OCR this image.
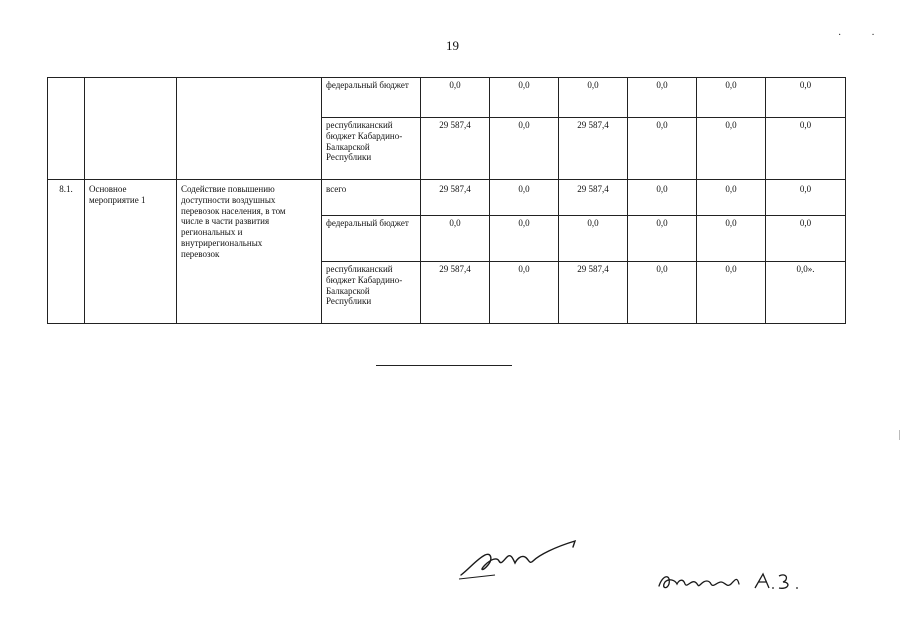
19
··
			федеральный бюджет	0,0	0,0	0,0	0,0	0,0	0,0
			республиканский бюджет Кабардино-Балкарской Республики	29 587,4	0,0	29 587,4	0,0	0,0	0,0
8.1.	Основное мероприятие 1	Содействие повышению доступности воздушных перевозок населения, в том числе в части развития региональных и внутрирегиональных перевозок	всего	29 587,4	0,0	29 587,4	0,0	0,0	0,0
			федеральный бюджет	0,0	0,0	0,0	0,0	0,0	0,0
			республиканский бюджет Кабардино-Балкарской Республики	29 587,4	0,0	29 587,4	0,0	0,0	0,0».
